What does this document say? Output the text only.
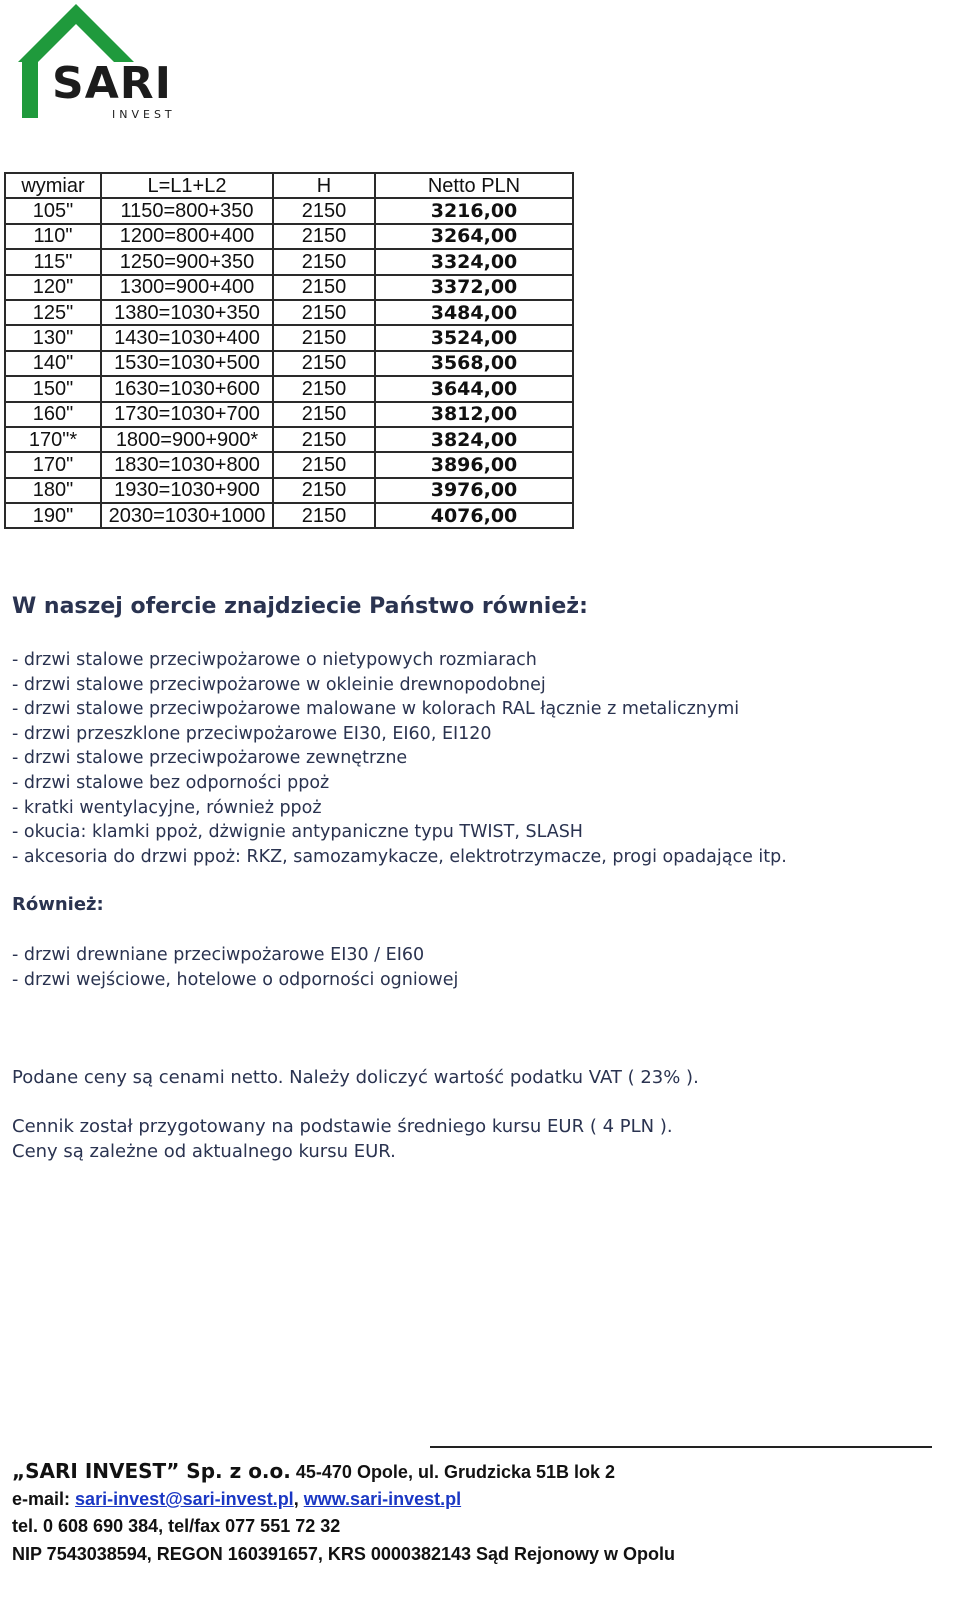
SARI
INVEST
wymiar	L=L1+L2	H	Netto PLN
105"	1150=800+350	2150	3216,00
110"	1200=800+400	2150	3264,00
115"	1250=900+350	2150	3324,00
120"	1300=900+400	2150	3372,00
125"	1380=1030+350	2150	3484,00
130"	1430=1030+400	2150	3524,00
140"	1530=1030+500	2150	3568,00
150"	1630=1030+600	2150	3644,00
160"	1730=1030+700	2150	3812,00
170"*	1800=900+900*	2150	3824,00
170"	1830=1030+800	2150	3896,00
180"	1930=1030+900	2150	3976,00
190"	2030=1030+1000	2150	4076,00
W naszej ofercie znajdziecie Państwo również:
- drzwi stalowe przeciwpożarowe o nietypowych rozmiarach
- drzwi stalowe przeciwpożarowe w okleinie drewnopodobnej
- drzwi stalowe przeciwpożarowe malowane w kolorach RAL łącznie z metalicznymi
- drzwi przeszklone przeciwpożarowe EI30, EI60, EI120
- drzwi stalowe przeciwpożarowe zewnętrzne
- drzwi stalowe bez odporności ppoż
- kratki wentylacyjne, również ppoż
- okucia: klamki ppoż, dżwignie antypaniczne typu TWIST, SLASH
- akcesoria do drzwi ppoż: RKZ, samozamykacze, elektrotrzymacze, progi opadające itp.
Również:
- drzwi drewniane przeciwpożarowe EI30 / EI60
- drzwi wejściowe, hotelowe o odporności ogniowej
Podane ceny są cenami netto. Należy doliczyć wartość podatku VAT ( 23% ).
Cennik został przygotowany na podstawie średniego kursu EUR ( 4 PLN ).
Ceny są zależne od aktualnego kursu EUR.
„SARI INVEST” Sp. z o.o. 45-470 Opole, ul. Grudzicka 51B lok 2
e-mail: sari-invest@sari-invest.pl, www.sari-invest.pl
tel. 0 608 690 384, tel/fax 077 551 72 32
NIP 7543038594, REGON 160391657, KRS 0000382143 Sąd Rejonowy w Opolu
